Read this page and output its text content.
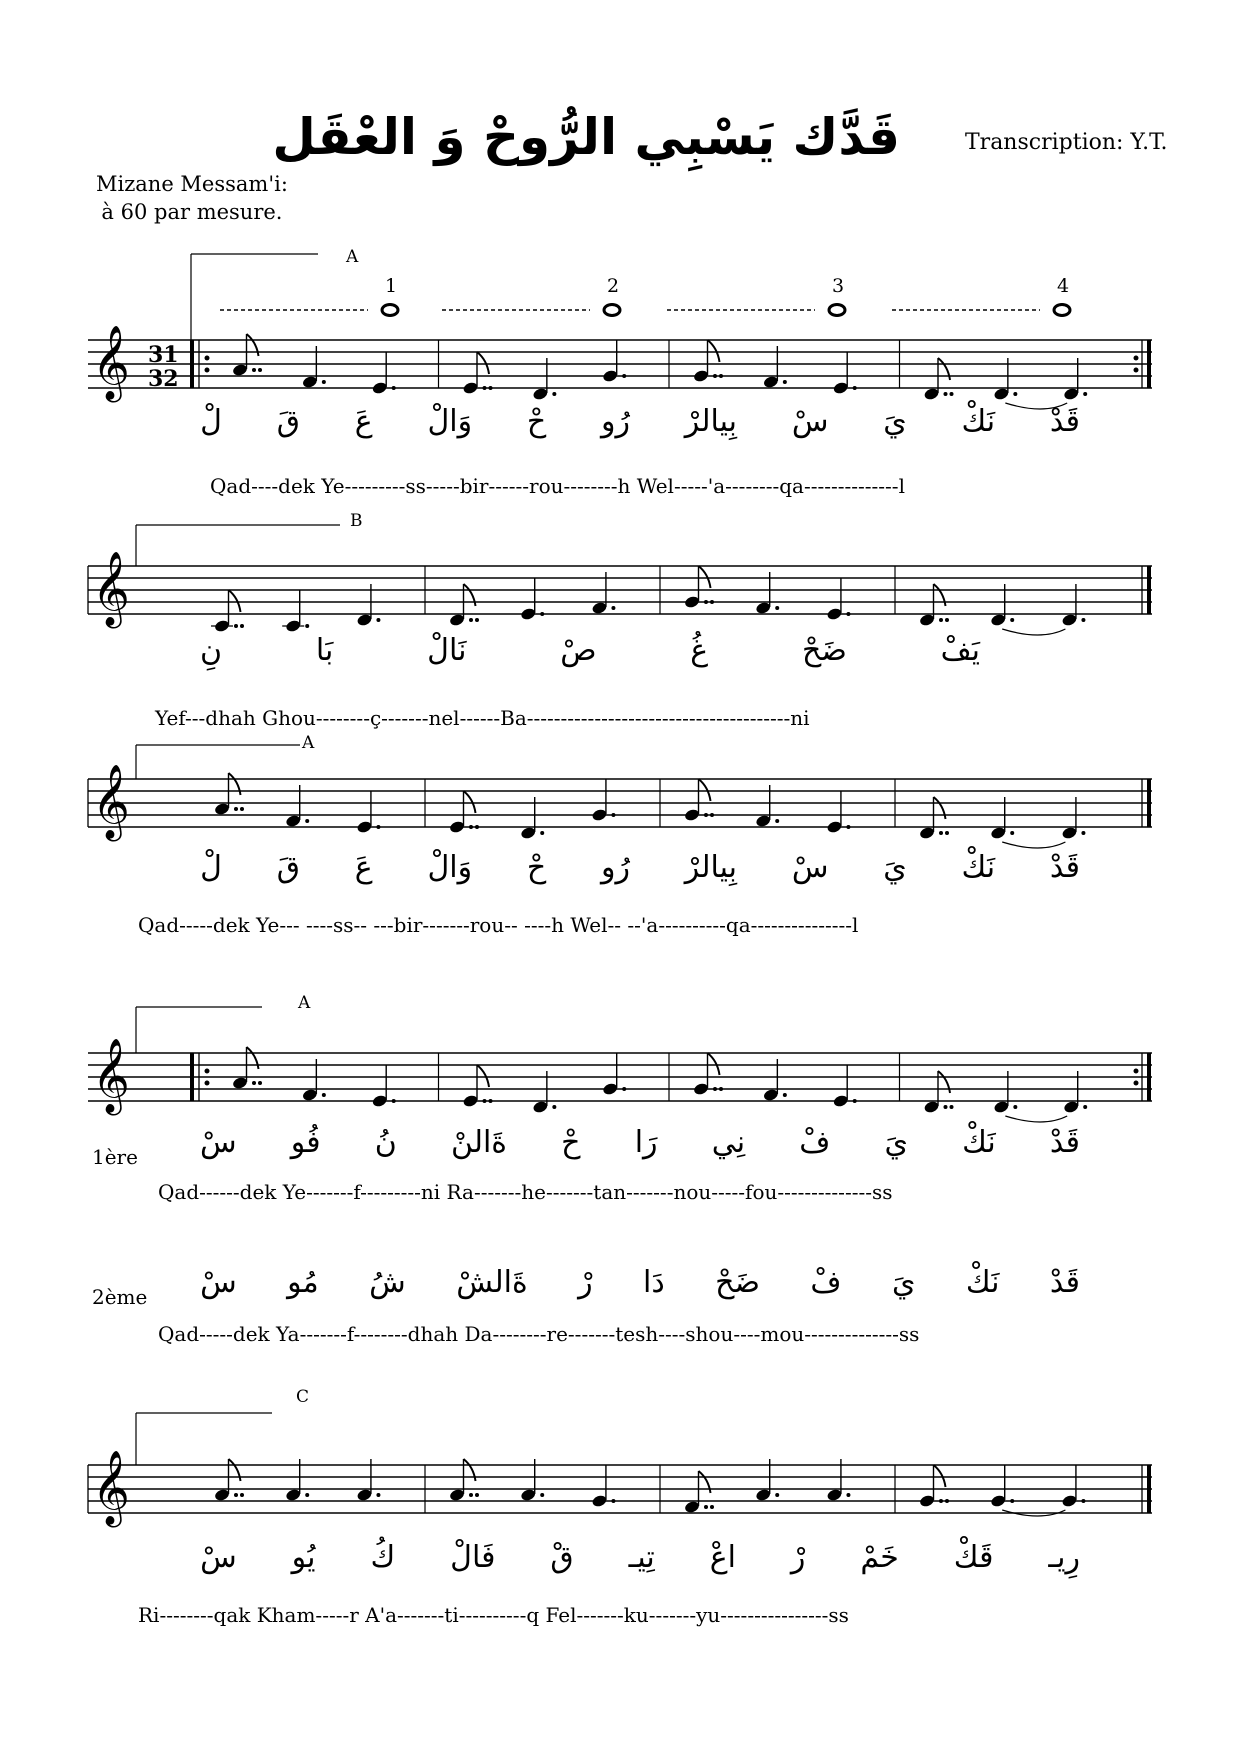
قَدَّك يَسْبِي الرُّوحْ وَ العْقَل	Transcription: Y.T.
Mizane Messam'i:
à 60 par mesure.
1	2	3	4
𝄞
A
31
32
𝄞
B
𝄞
A
𝄞
A
𝄞
C
قَدْ
نَكْ
يَ
سْ
بِيالرْ
رُو
حْ
وَالْ
عَ
قَ
لْ
Qad----dek Ye---------ss-----bir------rou--------h Wel-----'a--------qa--------------l
يَفْ
ضَحْ
غُ
صْ
نَالْ
بَا
نِ
Yef---dhah Ghou--------ç-------nel------Ba---------------------------------------ni
قَدْ
نَكْ
يَ
سْ
بِيالرْ
رُو
حْ
وَالْ
عَ
قَ
لْ
Qad-----dek Ye--- ----ss-- ---bir-------rou-- ----h Wel-- --'a----------qa---------------l
1ère	قَدْ
نَكْ
يَ
فْ
نِي
رَا
حْ
ةَالنْ
نُ
فُو
سْ
Qad------dek Ye-------f---------ni Ra-------he-------tan-------nou-----fou--------------ss
2ème	قَدْ
نَكْ
يَ
فْ
ضَحْ
دَا
رْ
ةَالشْ
شُ
مُو
سْ
Qad-----dek Ya-------f--------dhah Da--------re-------tesh----shou----mou--------------ss
رِيـ
قَكْ
خَمْ
رْ
اعْ
تِيـ
قْ
فَالْ
كُ
يُو
سْ
Ri--------qak Kham-----r A'a-------ti----------q Fel-------ku-------yu----------------ss
